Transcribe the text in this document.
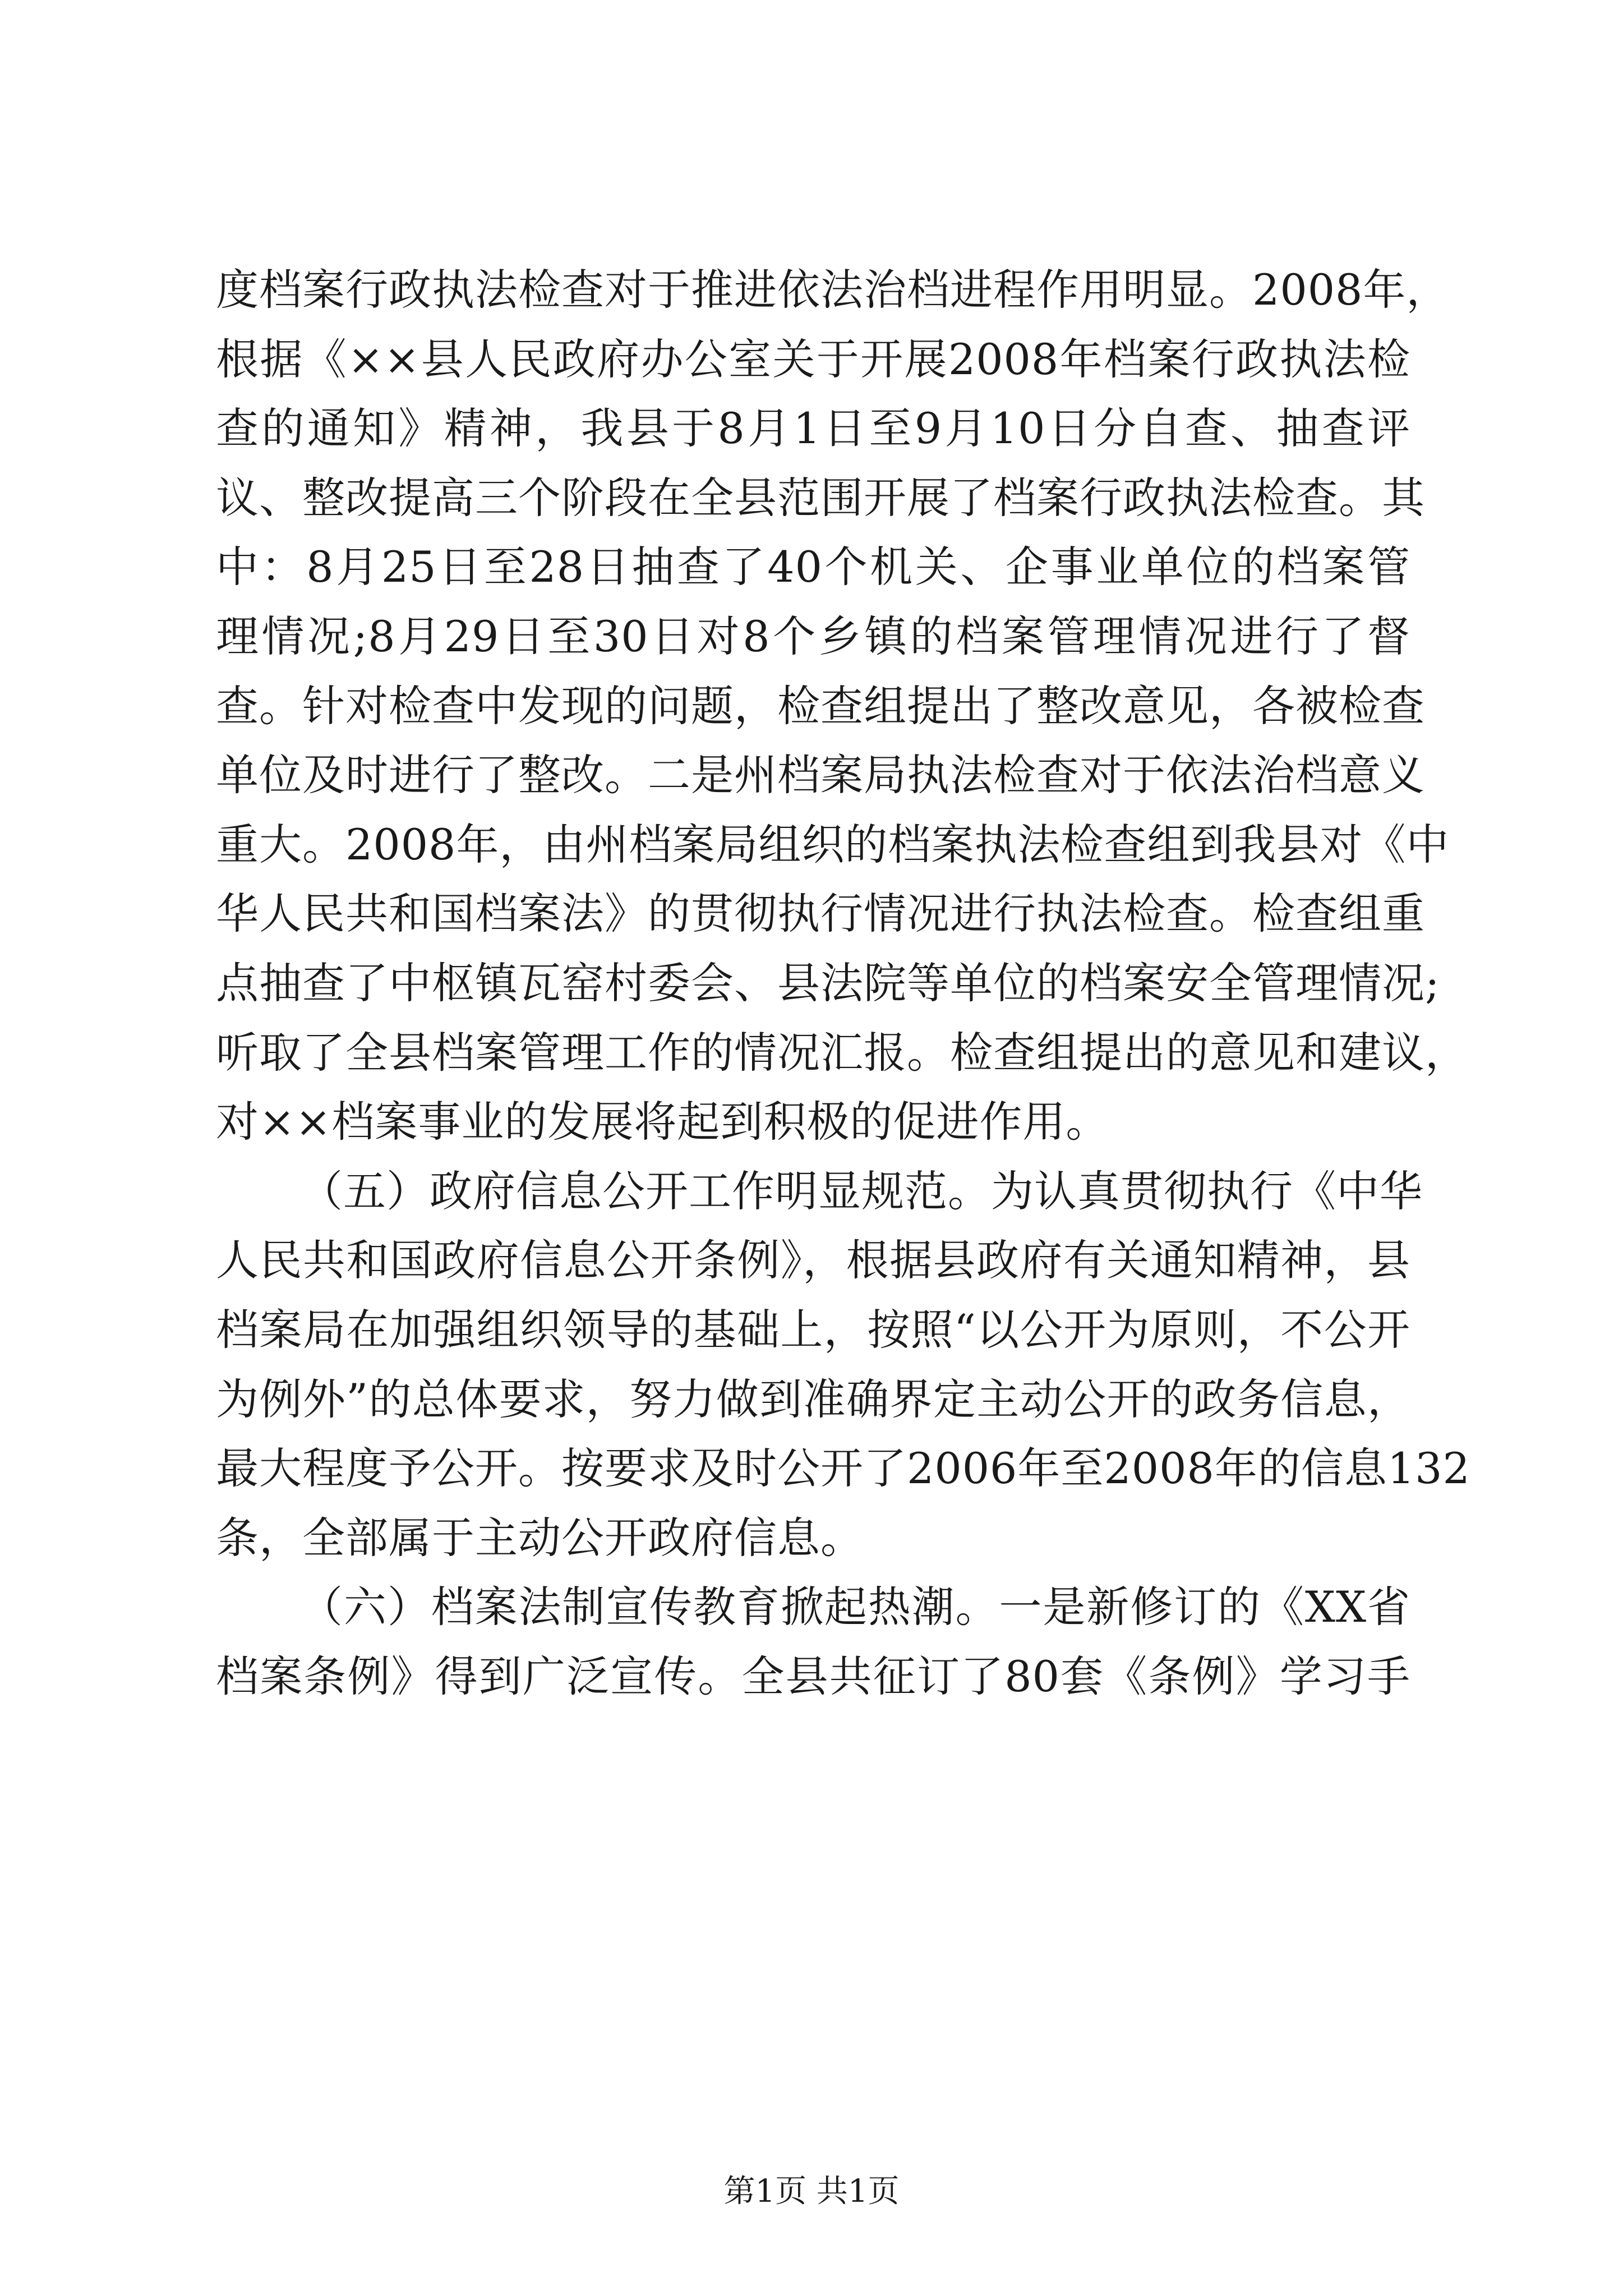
度档案行政执法检查对于推进依法治档进程作用明显。2008年，
根据《××县人民政府办公室关于开展2008年档案行政执法检
查的通知》精神，我县于8月1日至9月10日分自查、抽查评
议、整改提高三个阶段在全县范围开展了档案行政执法检查。其
中：8月25日至28日抽查了40个机关、企事业单位的档案管
理情况;8月29日至30日对8个乡镇的档案管理情况进行了督
查。针对检查中发现的问题，检查组提出了整改意见，各被检查
单位及时进行了整改。二是州档案局执法检查对于依法治档意义
重大。2008年，由州档案局组织的档案执法检查组到我县对《中
华人民共和国档案法》的贯彻执行情况进行执法检查。检查组重
点抽查了中枢镇瓦窑村委会、县法院等单位的档案安全管理情况;
听取了全县档案管理工作的情况汇报。检查组提出的意见和建议，
对××档案事业的发展将起到积极的促进作用。
（五）政府信息公开工作明显规范。为认真贯彻执行《中华
人民共和国政府信息公开条例》，根据县政府有关通知精神，县
档案局在加强组织领导的基础上，按照“以公开为原则，不公开
为例外”的总体要求，努力做到准确界定主动公开的政务信息，
最大程度予公开。按要求及时公开了2006年至2008年的信息132
条，全部属于主动公开政府信息。
（六）档案法制宣传教育掀起热潮。一是新修订的《XX省
档案条例》得到广泛宣传。全县共征订了80套《条例》学习手
第1页 共1页
